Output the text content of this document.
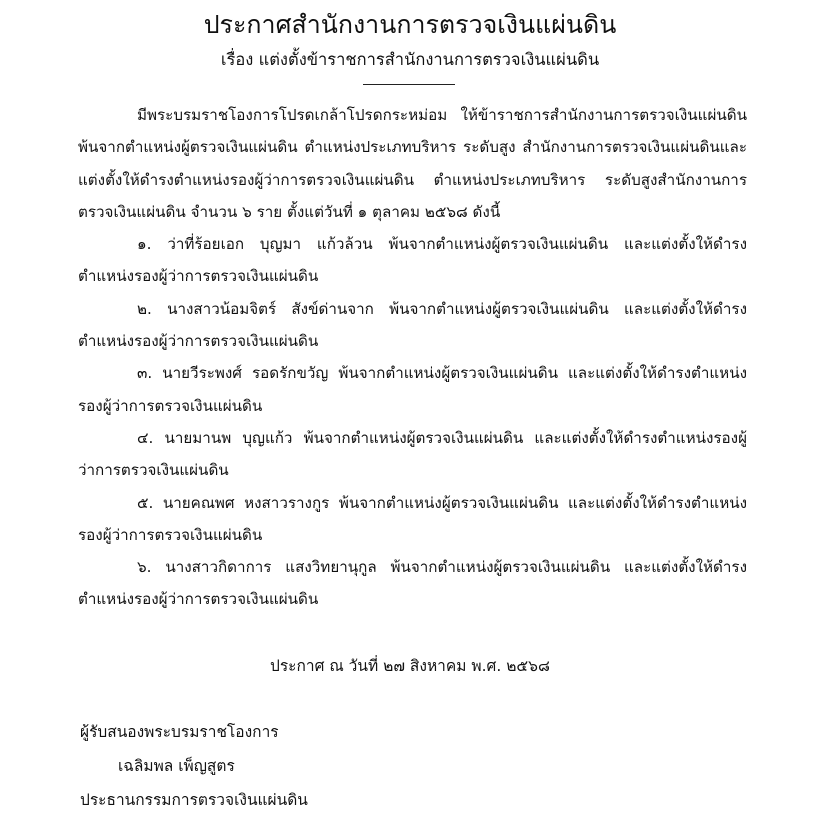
ประกาศสำนักงานการตรวจเงินแผ่นดิน
เรื่อง แต่งตั้งข้าราชการสำนักงานการตรวจเงินแผ่นดิน

มีพระบรมราชโองการโปรดเกล้าโปรดกระหม่อม ให้ข้าราชการสำนักงานการตรวจเงินแผ่นดินพ้นจากตำแหน่งผู้ตรวจเงินแผ่นดิน ตำแหน่งประเภทบริหาร ระดับสูง สำนักงานการตรวจเงินแผ่นดินและแต่งตั้งให้ดำรงตำแหน่งรองผู้ว่าการตรวจเงินแผ่นดิน ตำแหน่งประเภทบริหาร ระดับสูงสำนักงานการตรวจเงินแผ่นดิน จำนวน ๖ ราย ตั้งแต่วันที่ ๑ ตุลาคม ๒๕๖๘ ดังนี้

๑. ว่าที่ร้อยเอก บุญมา แก้วล้วน พ้นจากตำแหน่งผู้ตรวจเงินแผ่นดิน และแต่งตั้งให้ดำรงตำแหน่งรองผู้ว่าการตรวจเงินแผ่นดิน

๒. นางสาวน้อมจิตร์ สังข์ด่านจาก พ้นจากตำแหน่งผู้ตรวจเงินแผ่นดิน และแต่งตั้งให้ดำรงตำแหน่งรองผู้ว่าการตรวจเงินแผ่นดิน

๓. นายวีระพงศ์ รอดรักขวัญ พ้นจากตำแหน่งผู้ตรวจเงินแผ่นดิน และแต่งตั้งให้ดำรงตำแหน่งรองผู้ว่าการตรวจเงินแผ่นดิน

๔. นายมานพ บุญแก้ว พ้นจากตำแหน่งผู้ตรวจเงินแผ่นดิน และแต่งตั้งให้ดำรงตำแหน่งรองผู้ว่าการตรวจเงินแผ่นดิน

๕. นายคณพศ หงสาวรางกูร พ้นจากตำแหน่งผู้ตรวจเงินแผ่นดิน และแต่งตั้งให้ดำรงตำแหน่งรองผู้ว่าการตรวจเงินแผ่นดิน

๖. นางสาวกิดาการ แสงวิทยานุกูล พ้นจากตำแหน่งผู้ตรวจเงินแผ่นดิน และแต่งตั้งให้ดำรงตำแหน่งรองผู้ว่าการตรวจเงินแผ่นดิน

ประกาศ ณ วันที่ ๒๗ สิงหาคม พ.ศ. ๒๕๖๘
ผู้รับสนองพระบรมราชโองการ
เฉลิมพล เพ็ญสูตร
ประธานกรรมการตรวจเงินแผ่นดิน
